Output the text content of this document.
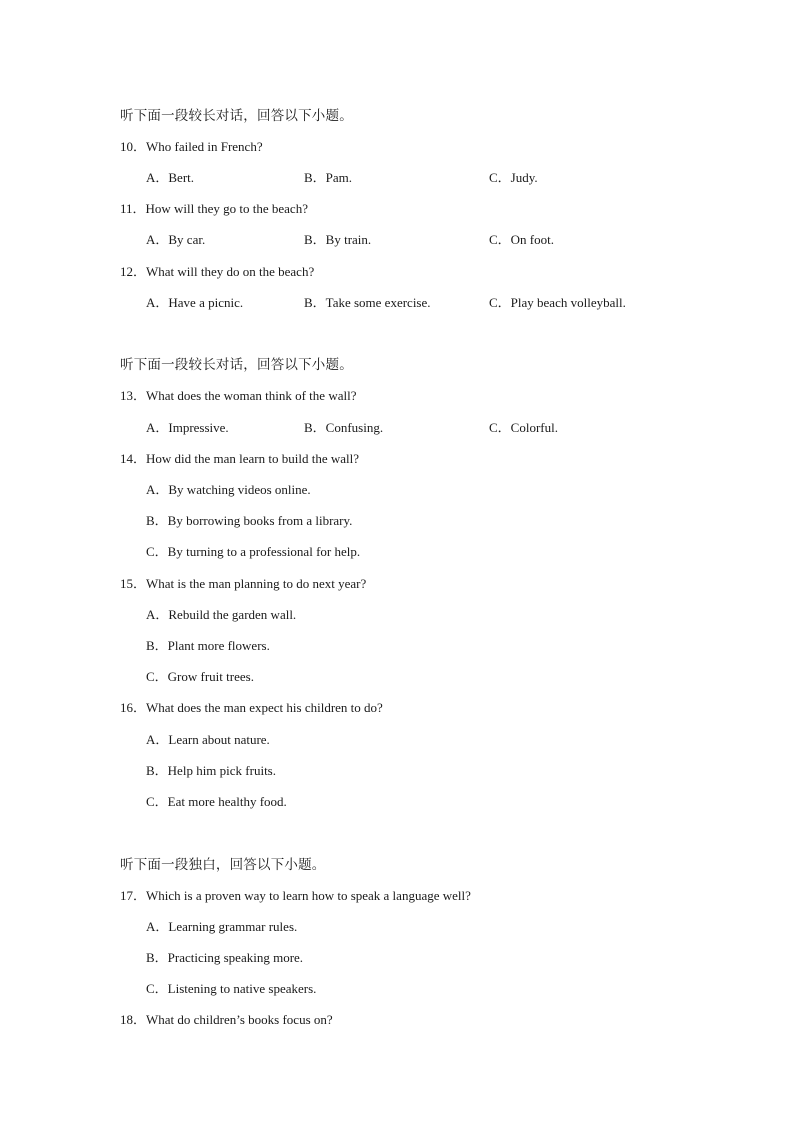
听下面一段较长对话，回答以下小题。
10．Who failed in French?
A．Bert.	B．Pam.	C．Judy.
11．How will they go to the beach?
A．By car.	B．By train.	C．On foot.
12．What will they do on the beach?
A．Have a picnic.	B．Take some exercise.	C．Play beach volleyball.
听下面一段较长对话，回答以下小题。
13．What does the woman think of the wall?
A．Impressive.	B．Confusing.	C．Colorful.
14．How did the man learn to build the wall?
A．By watching videos online.
B．By borrowing books from a library.
C．By turning to a professional for help.
15．What is the man planning to do next year?
A．Rebuild the garden wall.
B．Plant more flowers.
C．Grow fruit trees.
16．What does the man expect his children to do?
A．Learn about nature.
B．Help him pick fruits.
C．Eat more healthy food.
听下面一段独白，回答以下小题。
17．Which is a proven way to learn how to speak a language well?
A．Learning grammar rules.
B．Practicing speaking more.
C．Listening to native speakers.
18．What do children’s books focus on?
